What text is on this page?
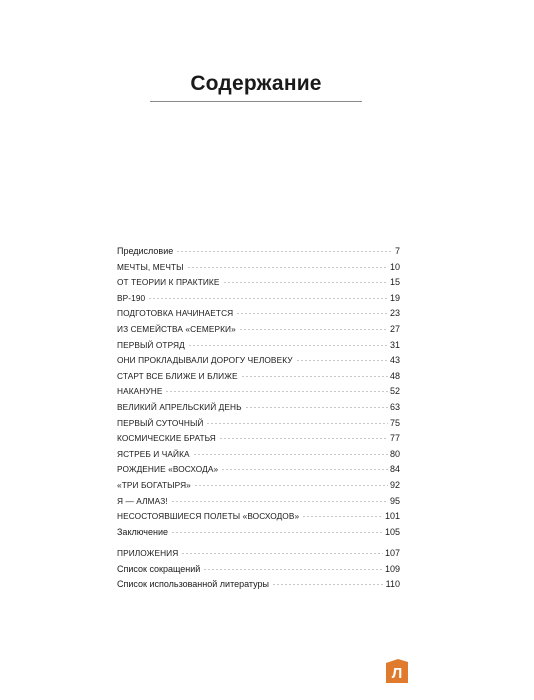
Содержание
Предисловие	7
МЕЧТЫ, МЕЧТЫ	10
ОТ ТЕОРИИ К ПРАКТИКЕ	15
ВР-190	19
ПОДГОТОВКА НАЧИНАЕТСЯ	23
ИЗ СЕМЕЙСТВА «СЕМЕРКИ»	27
ПЕРВЫЙ ОТРЯД	31
ОНИ ПРОКЛАДЫВАЛИ ДОРОГУ ЧЕЛОВЕКУ	43
СТАРТ ВСЕ БЛИЖЕ И БЛИЖЕ	48
НАКАНУНЕ	52
ВЕЛИКИЙ АПРЕЛЬСКИЙ ДЕНЬ	63
ПЕРВЫЙ СУТОЧНЫЙ	75
КОСМИЧЕСКИЕ БРАТЬЯ	77
ЯСТРЕБ И ЧАЙКА	80
РОЖДЕНИЕ «ВОСХОДА»	84
«ТРИ БОГАТЫРЯ»	92
Я — АЛМАЗ!	95
НЕСОСТОЯВШИЕСЯ ПОЛЕТЫ «ВОСХОДОВ»	101
Заключение	105
ПРИЛОЖЕНИЯ	107
Список сокращений	109
Список использованной литературы	110
Л
